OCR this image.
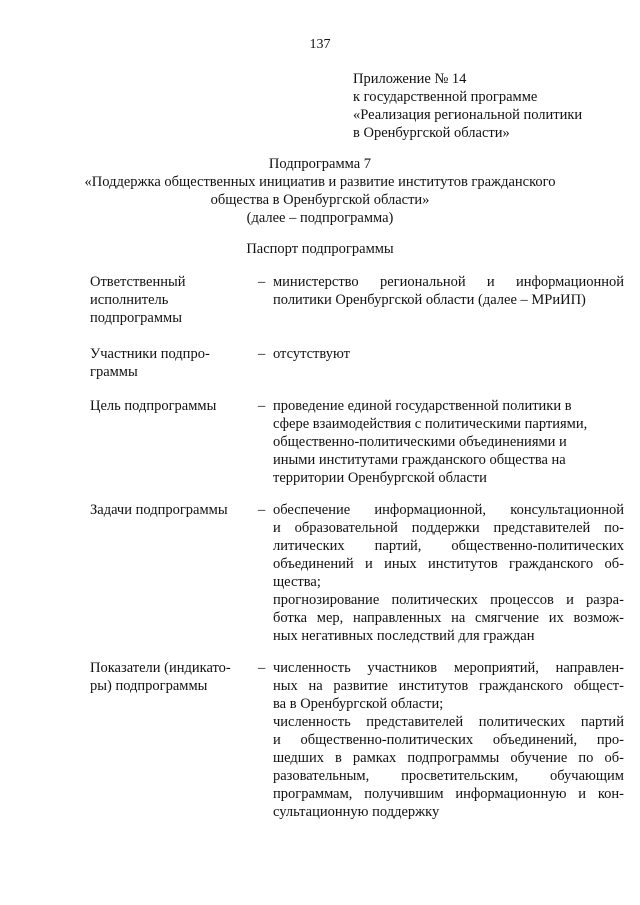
137
Приложение № 14
к государственной программе
«Реализация региональной политики
в Оренбургской области»
Подпрограмма 7
«Поддержка общественных инициатив и развитие институтов гражданского
общества в Оренбургской области»
(далее – подпрограмма)
Паспорт подпрограммы
Ответственный
исполнитель
подпрограммы
– министерство региональной и информационной
политики Оренбургской области (далее – МРиИП)
Участники подпро-
граммы
– отсутствуют
Цель подпрограммы	– проведение единой государственной политики в
сфере взаимодействия с политическими партиями,
общественно-политическими объединениями и
иными институтами гражданского общества на
территории Оренбургской области
Задачи подпрограммы	– обеспечение информационной, консультационной
и образовательной поддержки представителей по-
литических партий, общественно-политических
объединений и иных институтов гражданского об-
щества;
прогнозирование политических процессов и разра-
ботка мер, направленных на смягчение их возмож-
ных негативных последствий для граждан
Показатели (индикато-
ры) подпрограммы
– численность участников мероприятий, направлен-
ных на развитие институтов гражданского общест-
ва в Оренбургской области;
численность представителей политических партий
и общественно-политических объединений, про-
шедших в рамках подпрограммы обучение по об-
разовательным, просветительским, обучающим
программам, получившим информационную и кон-
сультационную поддержку
